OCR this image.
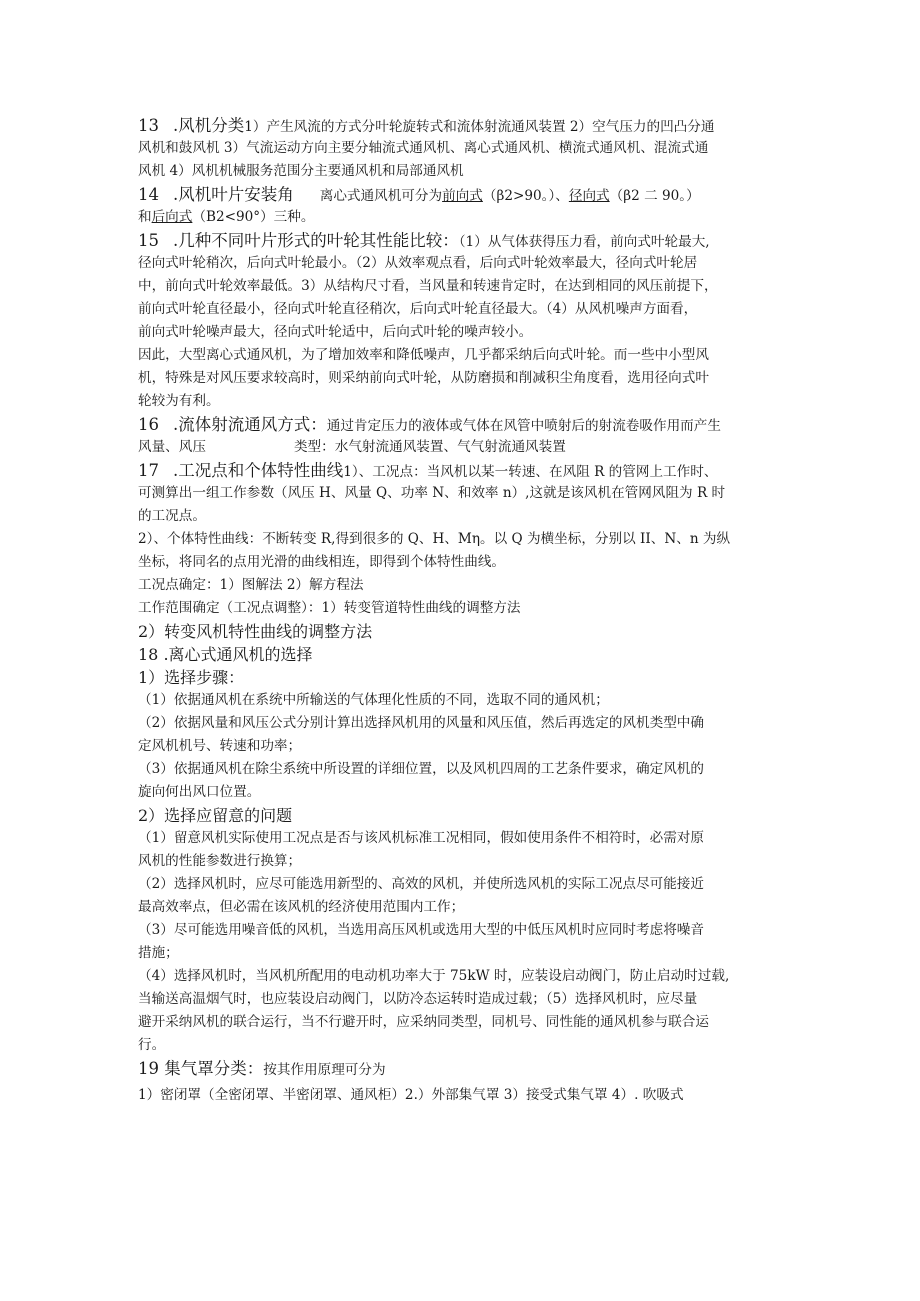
13 .风机分类1）产生风流的方式分叶轮旋转式和流体射流通风装置 2）空气压力的凹凸分通
风机和鼓风机 3）气流运动方向主要分轴流式通风机、离心式通风机、横流式通风机、混流式通
风机 4）风机机械服务范围分主要通风机和局部通风机
14 .风机叶片安装角 离心式通风机可分为前向式（β2>90。）、径向式（β2 二 90。）
和后向式（B2<90°）三种。
15 .几种不同叶片形式的叶轮其性能比较：（1）从气体获得压力看，前向式叶轮最大,
径向式叶轮稍次，后向式叶轮最小。（2）从效率观点看，后向式叶轮效率最大，径向式叶轮居
中，前向式叶轮效率最低。3）从结构尺寸看，当风量和转速肯定时，在达到相同的风压前提下，
前向式叶轮直径最小，径向式叶轮直径稍次，后向式叶轮直径最大。（4）从风机噪声方面看，
前向式叶轮噪声最大，径向式叶轮适中，后向式叶轮的噪声较小。
因此，大型离心式通风机，为了增加效率和降低噪声，几乎都采纳后向式叶轮。而一些中小型风
机，特殊是对风压要求较高时，则采纳前向式叶轮，从防磨损和削减积尘角度看，选用径向式叶
轮较为有利。
16 .流体射流通风方式：通过肯定压力的液体或气体在风管中喷射后的射流卷吸作用而产生
风量、风压	类型：水气射流通风装置、气气射流通风装置
17 .工况点和个体特性曲线1）、工况点：当风机以某一转速、在风阻 R 的管网上工作时、
可测算出一组工作参数（风压 H、风量 Q、功率 N、和效率 n）,这就是该风机在管网风阻为 R 时
的工况点。
2）、个体特性曲线：不断转变 R,得到很多的 Q、H、Mη。以 Q 为横坐标，分别以 II、N、n 为纵
坐标，将同名的点用光滑的曲线相连，即得到个体特性曲线。
工况点确定：1）图解法 2）解方程法
工作范围确定（工况点调整）：1）转变管道特性曲线的调整方法
2）转变风机特性曲线的调整方法
18 .离心式通风机的选择
1）选择步骤：
（1）依据通风机在系统中所输送的气体理化性质的不同，选取不同的通风机；
（2）依据风量和风压公式分别计算出选择风机用的风量和风压值，然后再选定的风机类型中确
定风机机号、转速和功率；
（3）依据通风机在除尘系统中所设置的详细位置，以及风机四周的工艺条件要求，确定风机的
旋向何出风口位置。
2）选择应留意的问题
（1）留意风机实际使用工况点是否与该风机标准工况相同，假如使用条件不相符时，必需对原
风机的性能参数进行换算；
（2）选择风机时，应尽可能选用新型的、高效的风机，并使所选风机的实际工况点尽可能接近
最高效率点，但必需在该风机的经济使用范围内工作；
（3）尽可能选用噪音低的风机，当选用高压风机或选用大型的中低压风机时应同时考虑将噪音
措施；
（4）选择风机时，当风机所配用的电动机功率大于 75kW 时，应装设启动阀门，防止启动时过载,
当输送高温烟气时，也应装设启动阀门，以防冷态运转时造成过载；（5）选择风机时，应尽量
避开采纳风机的联合运行，当不行避开时，应采纳同类型，同机号、同性能的通风机参与联合运
行。
19 集气罩分类：按其作用原理可分为
1）密闭罩（全密闭罩、半密闭罩、通风柜）2.）外部集气罩 3）接受式集气罩 4）. 吹吸式
